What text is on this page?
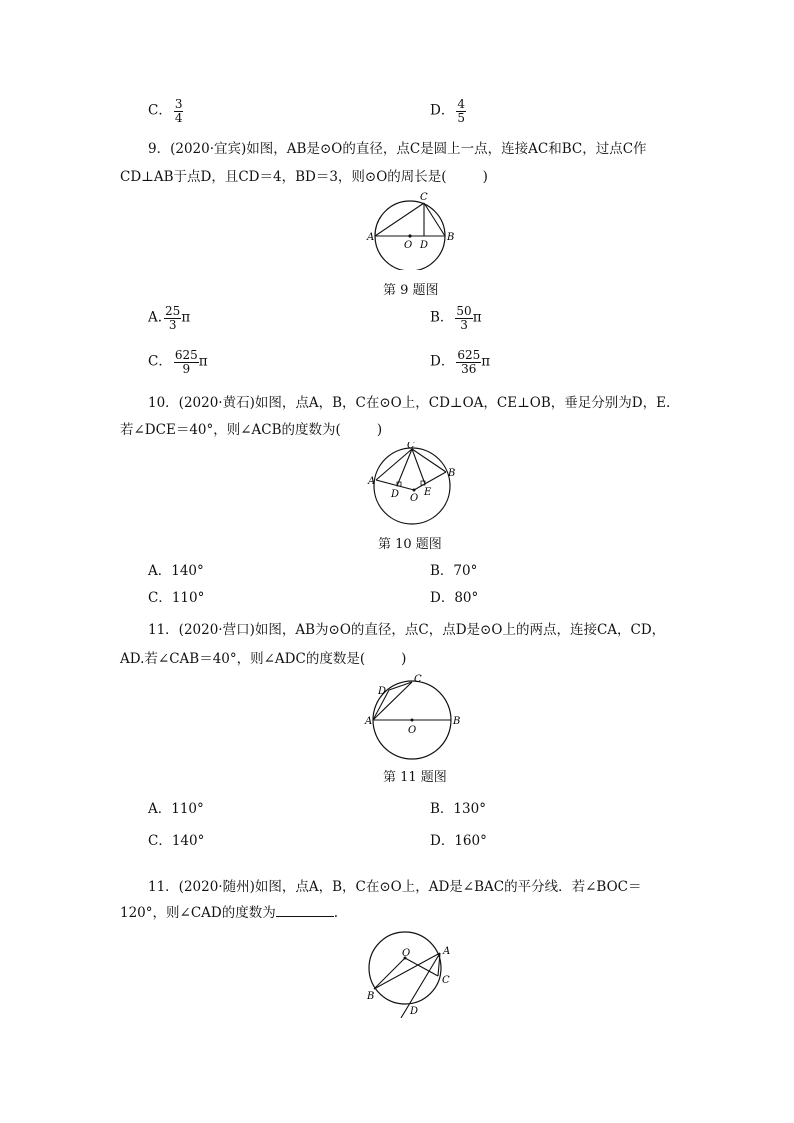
C． $\frac{3}{4}$	D． $\frac{4}{5}$
9．(2020·宜宾)如图，AB是⊙O的直径，点C是圆上一点，连接AC和BC，过点C作
CD⊥AB于点D，且CD＝4，BD＝3，则⊙O的周长是(	)
A	B
C
D
O
第 9 题图
A. $\frac{25}{3}$ π	B． $\frac{50}{3}$ π
C． $\frac{625}{9}$ π	D． $\frac{625}{36}$ π
10．(2020·黄石)如图，点A，B，C在⊙O上，CD⊥OA，CE⊥OB，垂足分别为D，E.
若∠DCE＝40°，则∠ACB的度数为(	)
A
B
C
D E
O
第 10 题图
A．140°	B．70°
C．110°	D．80°
11．(2020·营口)如图，AB为⊙O的直径，点C，点D是⊙O上的两点，连接CA，CD，
AD.若∠CAB＝40°，则∠ADC的度数是(	)
A	B
C
D
O
第 11 题图
A．110°	B．130°
C．140°	D．160°
11．(2020·随州)如图，点A，B，C在⊙O上，AD是∠BAC的平分线．若∠BOC＝
120°，则∠CAD的度数为	.
A
B
C
D
O
